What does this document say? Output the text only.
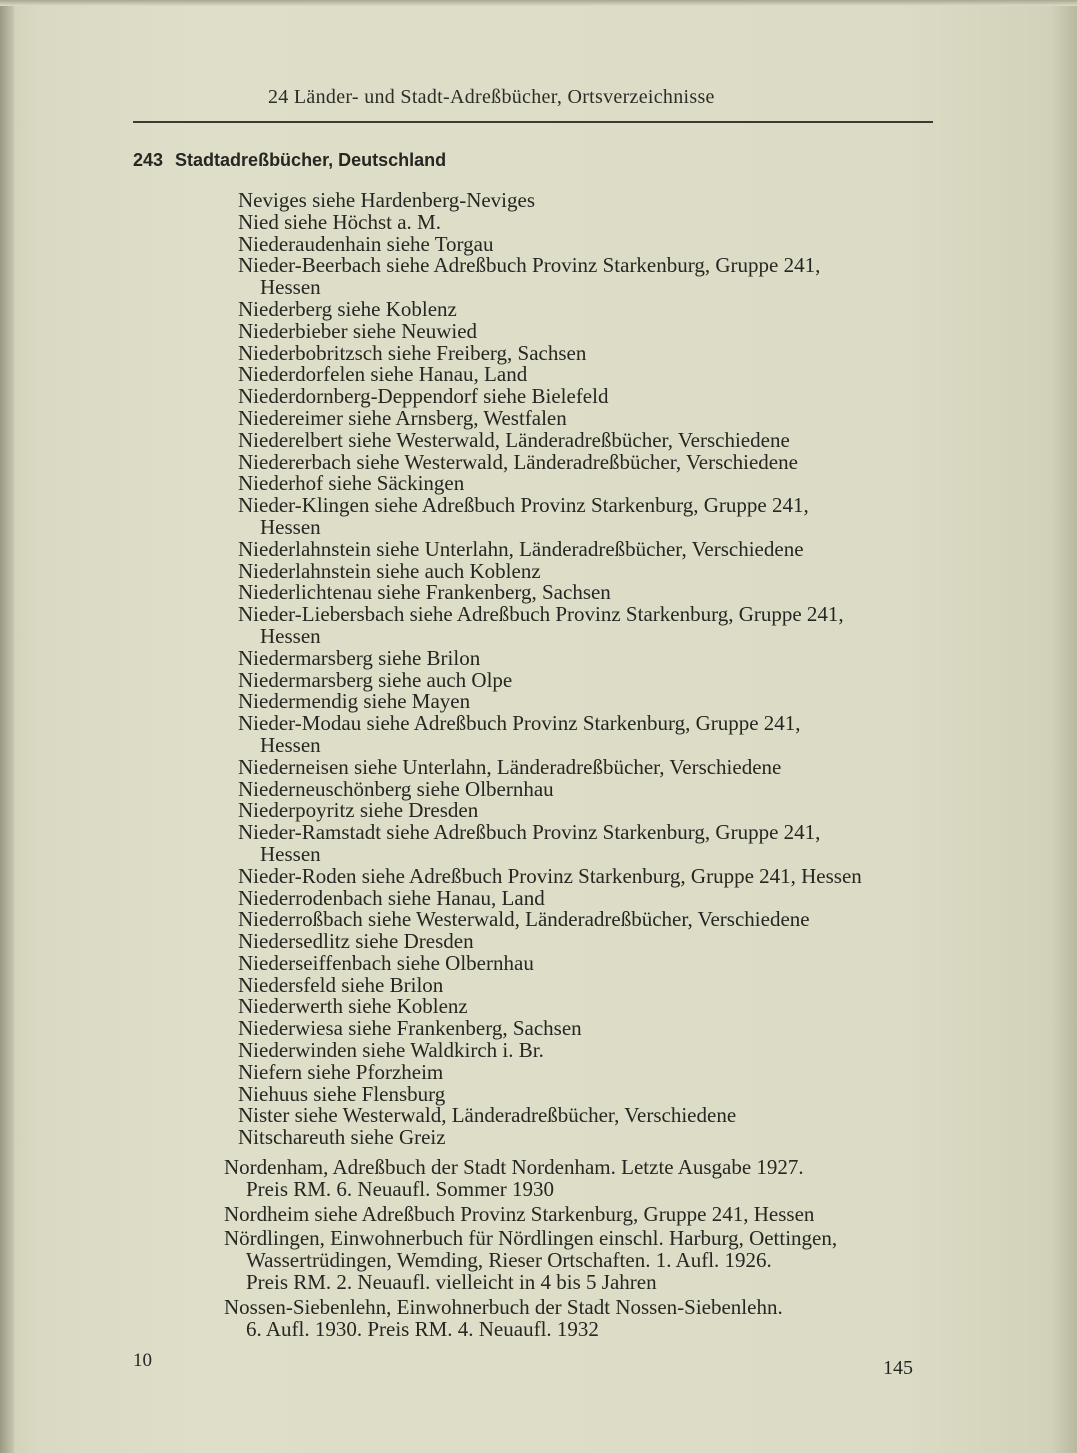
24 Länder- und Stadt-Adreßbücher, Ortsverzeichnisse
243 Stadtadreßbücher, Deutschland
Neviges siehe Hardenberg-Neviges
Nied siehe Höchst a. M.
Niederaudenhain siehe Torgau
Nieder-Beerbach siehe Adreßbuch Provinz Starkenburg, Gruppe 241,
Hessen
Niederberg siehe Koblenz
Niederbieber siehe Neuwied
Niederbobritzsch siehe Freiberg, Sachsen
Niederdorfelen siehe Hanau, Land
Niederdornberg-Deppendorf siehe Bielefeld
Niedereimer siehe Arnsberg, Westfalen
Niederelbert siehe Westerwald, Länderadreßbücher, Verschiedene
Niedererbach siehe Westerwald, Länderadreßbücher, Verschiedene
Niederhof siehe Säckingen
Nieder-Klingen siehe Adreßbuch Provinz Starkenburg, Gruppe 241,
Hessen
Niederlahnstein siehe Unterlahn, Länderadreßbücher, Verschiedene
Niederlahnstein siehe auch Koblenz
Niederlichtenau siehe Frankenberg, Sachsen
Nieder-Liebersbach siehe Adreßbuch Provinz Starkenburg, Gruppe 241,
Hessen
Niedermarsberg siehe Brilon
Niedermarsberg siehe auch Olpe
Niedermendig siehe Mayen
Nieder-Modau siehe Adreßbuch Provinz Starkenburg, Gruppe 241,
Hessen
Niederneisen siehe Unterlahn, Länderadreßbücher, Verschiedene
Niederneuschönberg siehe Olbernhau
Niederpoyritz siehe Dresden
Nieder-Ramstadt siehe Adreßbuch Provinz Starkenburg, Gruppe 241,
Hessen
Nieder-Roden siehe Adreßbuch Provinz Starkenburg, Gruppe 241, Hessen
Niederrodenbach siehe Hanau, Land
Niederroßbach siehe Westerwald, Länderadreßbücher, Verschiedene
Niedersedlitz siehe Dresden
Niederseiffenbach siehe Olbernhau
Niedersfeld siehe Brilon
Niederwerth siehe Koblenz
Niederwiesa siehe Frankenberg, Sachsen
Niederwinden siehe Waldkirch i. Br.
Niefern siehe Pforzheim
Niehuus siehe Flensburg
Nister siehe Westerwald, Länderadreßbücher, Verschiedene
Nitschareuth siehe Greiz
Nordenham, Adreßbuch der Stadt Nordenham. Letzte Ausgabe 1927.
Preis RM. 6. Neuaufl. Sommer 1930
Nordheim siehe Adreßbuch Provinz Starkenburg, Gruppe 241, Hessen
Nördlingen, Einwohnerbuch für Nördlingen einschl. Harburg, Oettingen,
Wassertrüdingen, Wemding, Rieser Ortschaften. 1. Aufl. 1926.
Preis RM. 2. Neuaufl. vielleicht in 4 bis 5 Jahren
Nossen-Siebenlehn, Einwohnerbuch der Stadt Nossen-Siebenlehn.
6. Aufl. 1930. Preis RM. 4. Neuaufl. 1932
10	145
